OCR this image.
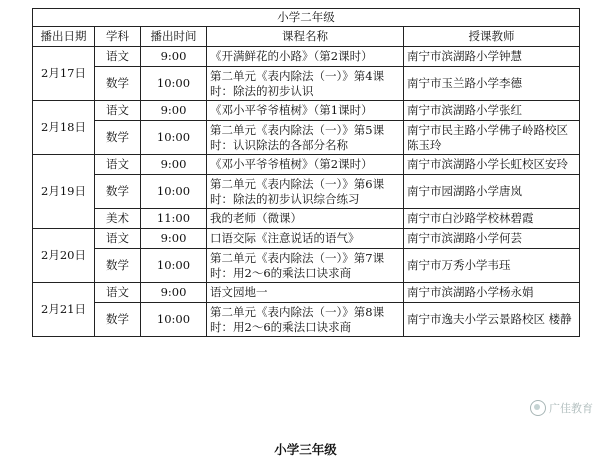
小学二年级				
播出日期	学科	播出时间	课程名称	授课教师
2月17日	语文	9:00	《开满鲜花的小路》（第2课时）	南宁市滨湖路小学钟慧
	数学	10:00	第二单元《表内除法（一）》第4课时：除法的初步认识	南宁市玉兰路小学李德
2月18日	语文	9:00	《邓小平爷爷植树》（第1课时）	南宁市滨湖路小学张红
	数学	10:00	第二单元《表内除法（一）》第5课时：认识除法的各部分名称	南宁市民主路小学佛子岭路校区陈玉玲
2月19日	语文	9:00	《邓小平爷爷植树》（第2课时）	南宁市滨湖路小学长虹校区安玲
	数学	10:00	第二单元《表内除法（一）》第6课时：除法的初步认识综合练习	南宁市园湖路小学唐岚
	美术	11:00	我的老师（微课）	南宁市白沙路学校林碧霞
2月20日	语文	9:00	口语交际《注意说话的语气》	南宁市滨湖路小学何芸
	数学	10:00	第二单元《表内除法（一）》第7课时：用2～6的乘法口诀求商	南宁市万秀小学韦珏
2月21日	语文	9:00	语文园地一	南宁市滨湖路小学杨永娟
	数学	10:00	第二单元《表内除法（一）》第8课时：用2～6的乘法口诀求商	南宁市逸夫小学云景路校区 楼静
小学三年级
广佳教育
